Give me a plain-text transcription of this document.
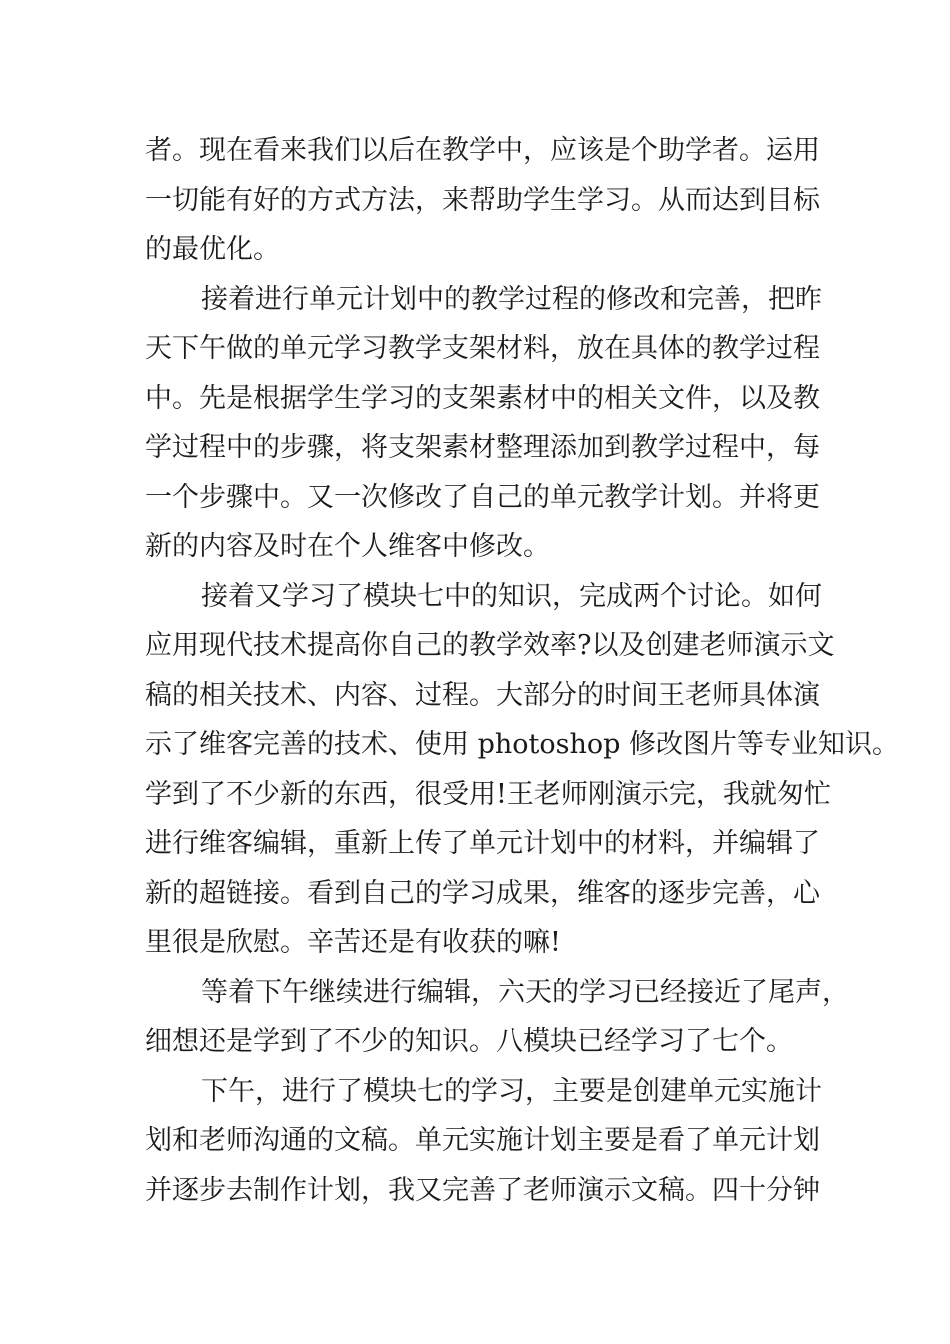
者。现在看来我们以后在教学中，应该是个助学者。运用
一切能有好的方式方法，来帮助学生学习。从而达到目标
的最优化。
接着进行单元计划中的教学过程的修改和完善，把昨
天下午做的单元学习教学支架材料，放在具体的教学过程
中。先是根据学生学习的支架素材中的相关文件，以及教
学过程中的步骤，将支架素材整理添加到教学过程中，每
一个步骤中。又一次修改了自己的单元教学计划。并将更
新的内容及时在个人维客中修改。
接着又学习了模块七中的知识，完成两个讨论。如何
应用现代技术提高你自己的教学效率?以及创建老师演示文
稿的相关技术、内容、过程。大部分的时间王老师具体演
示了维客完善的技术、使用 photoshop 修改图片等专业知识。
学到了不少新的东西，很受用!王老师刚演示完，我就匆忙
进行维客编辑，重新上传了单元计划中的材料，并编辑了
新的超链接。看到自己的学习成果，维客的逐步完善，心
里很是欣慰。辛苦还是有收获的嘛!
等着下午继续进行编辑，六天的学习已经接近了尾声，
细想还是学到了不少的知识。八模块已经学习了七个。
下午，进行了模块七的学习，主要是创建单元实施计
划和老师沟通的文稿。单元实施计划主要是看了单元计划
并逐步去制作计划，我又完善了老师演示文稿。四十分钟
